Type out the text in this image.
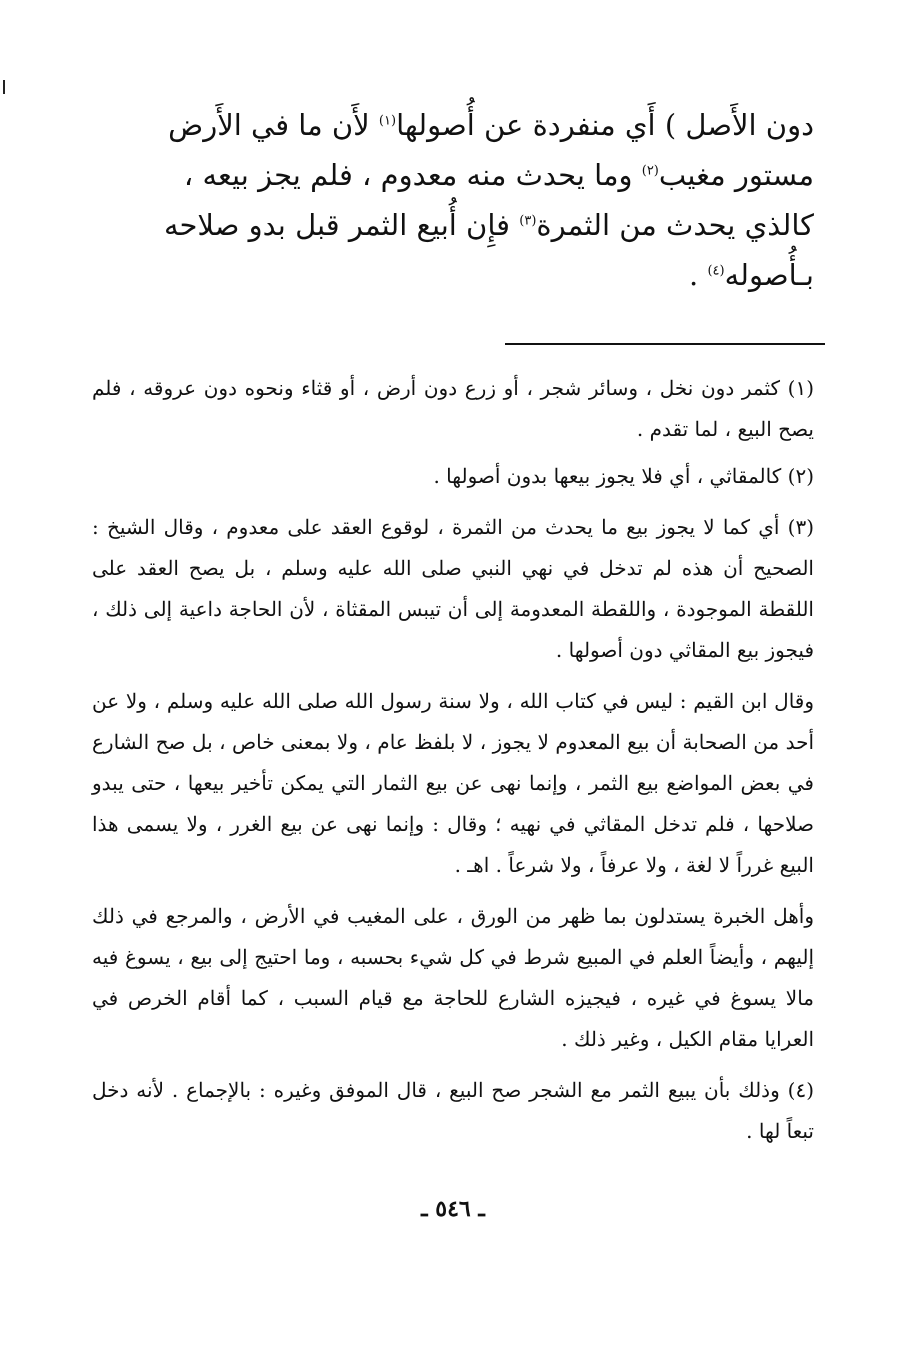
دون الأَصل ) أَي منفردة عن أُصولها$^{(١)}$ لأَن ما في الأَرض

مستور مغيب$^{(٢)}$ وما يحدث منه معدوم ، فلم يجز بيعه ،

كالذي يحدث من الثمرة$^{(٣)}$ فإِن أُبيع الثمر قبل بدو صلاحه

بـأُصوله$^{(٤)}$ .

(١) كثمر دون نخل ، وسائر شجر ، أو زرع دون أرض ، أو قثاء ونحوه دون عروقه ، فلم يصح البيع ، لما تقدم .

(٢) كالمقاثي ، أي فلا يجوز بيعها بدون أصولها .

(٣) أي كما لا يجوز بيع ما يحدث من الثمرة ، لوقوع العقد على معدوم ، وقال الشيخ : الصحيح أن هذه لم تدخل في نهي النبي صلى الله عليه وسلم ، بل يصح العقد على اللقطة الموجودة ، واللقطة المعدومة إلى أن تيبس المقثاة ، لأن الحاجة داعية إلى ذلك ، فيجوز بيع المقاثي دون أصولها .

وقال ابن القيم : ليس في كتاب الله ، ولا سنة رسول الله صلى الله عليه وسلم ، ولا عن أحد من الصحابة أن بيع المعدوم لا يجوز ، لا بلفظ عام ، ولا بمعنى خاص ، بل صح الشارع في بعض المواضع بيع الثمر ، وإنما نهى عن بيع الثمار التي يمكن تأخير بيعها ، حتى يبدو صلاحها ، فلم تدخل المقاثي في نهيه ؛ وقال : وإنما نهى عن بيع الغرر ، ولا يسمى هذا البيع غرراً لا لغة ، ولا عرفاً ، ولا شرعاً . اهـ .

وأهل الخبرة يستدلون بما ظهر من الورق ، على المغيب في الأرض ، والمرجع في ذلك إليهم ، وأيضاً العلم في المبيع شرط في كل شيء بحسبه ، وما احتيج إلى بيع ، يسوغ فيه مالا يسوغ في غيره ، فيجيزه الشارع للحاجة مع قيام السبب ، كما أقام الخرص في العرايا مقام الكيل ، وغير ذلك .

(٤) وذلك بأن يبيع الثمر مع الشجر صح البيع ، قال الموفق وغيره : بالإجماع . لأنه دخل تبعاً لها .

ـ ٥٤٦ ـ
